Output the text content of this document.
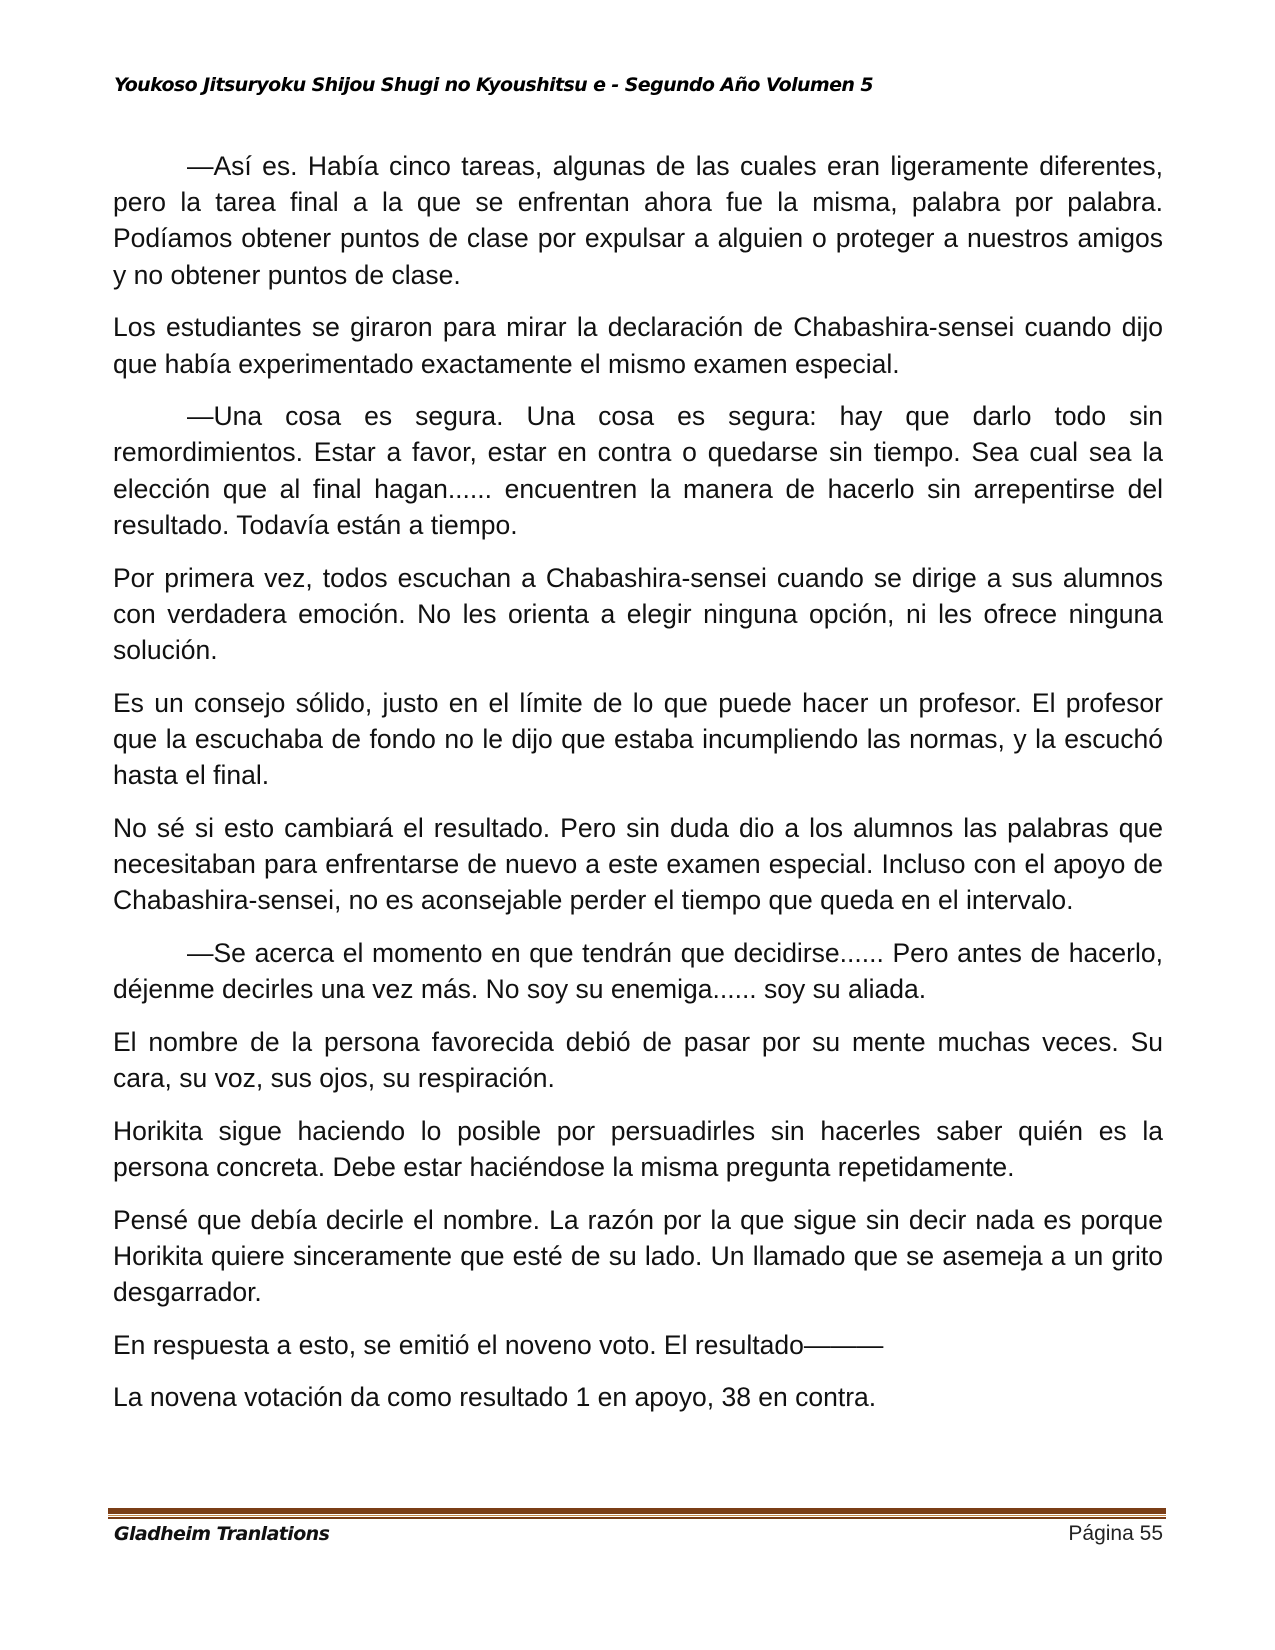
Youkoso Jitsuryoku Shijou Shugi no Kyoushitsu e - Segundo Año Volumen 5

—Así es. Había cinco tareas, algunas de las cuales eran ligeramente diferentes, pero la tarea final a la que se enfrentan ahora fue la misma, palabra por palabra. Podíamos obtener puntos de clase por expulsar a alguien o proteger a nuestros amigos y no obtener puntos de clase.

Los estudiantes se giraron para mirar la declaración de Chabashira-sensei cuando dijo que había experimentado exactamente el mismo examen especial.

—Una cosa es segura. Una cosa es segura: hay que darlo todo sin remordimientos. Estar a favor, estar en contra o quedarse sin tiempo. Sea cual sea la elección que al final hagan...... encuentren la manera de hacerlo sin arrepentirse del resultado. Todavía están a tiempo.

Por primera vez, todos escuchan a Chabashira-sensei cuando se dirige a sus alumnos con verdadera emoción. No les orienta a elegir ninguna opción, ni les ofrece ninguna solución.

Es un consejo sólido, justo en el límite de lo que puede hacer un profesor. El profesor que la escuchaba de fondo no le dijo que estaba incumpliendo las normas, y la escuchó hasta el final.

No sé si esto cambiará el resultado. Pero sin duda dio a los alumnos las palabras que necesitaban para enfrentarse de nuevo a este examen especial. Incluso con el apoyo de Chabashira-sensei, no es aconsejable perder el tiempo que queda en el intervalo.

—Se acerca el momento en que tendrán que decidirse...... Pero antes de hacerlo, déjenme decirles una vez más. No soy su enemiga...... soy su aliada.

El nombre de la persona favorecida debió de pasar por su mente muchas veces. Su cara, su voz, sus ojos, su respiración.

Horikita sigue haciendo lo posible por persuadirles sin hacerles saber quién es la persona concreta. Debe estar haciéndose la misma pregunta repetidamente.

Pensé que debía decirle el nombre. La razón por la que sigue sin decir nada es porque Horikita quiere sinceramente que esté de su lado. Un llamado que se asemeja a un grito desgarrador.

En respuesta a esto, se emitió el noveno voto. El resultado———

La novena votación da como resultado 1 en apoyo, 38 en contra.

Gladheim Tranlations	Página 55
